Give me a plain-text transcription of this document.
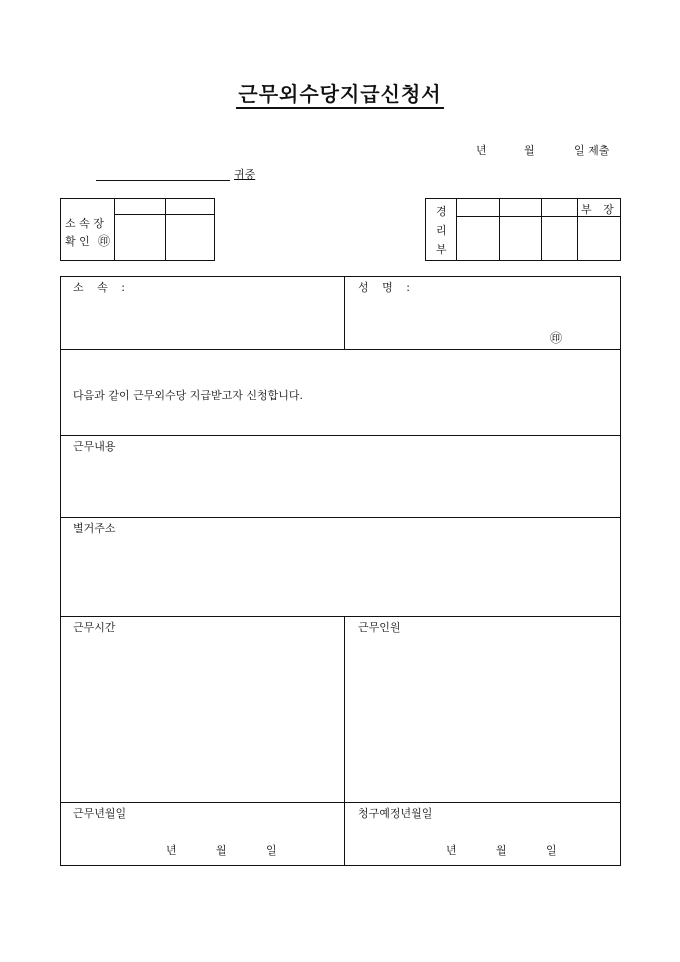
근무외수당지급신청서
년	월	일 제출
귀중
소 속 장
확 인 ㊞
경
리
부
부 장
소 속 :	성 명 :
㊞
다음과 같이 근무외수당 지급받고자 신청합니다.
근무내용
별거주소
근무시간	근무인원
근무년월일
년	월	일
청구예정년월일
년	월	일
